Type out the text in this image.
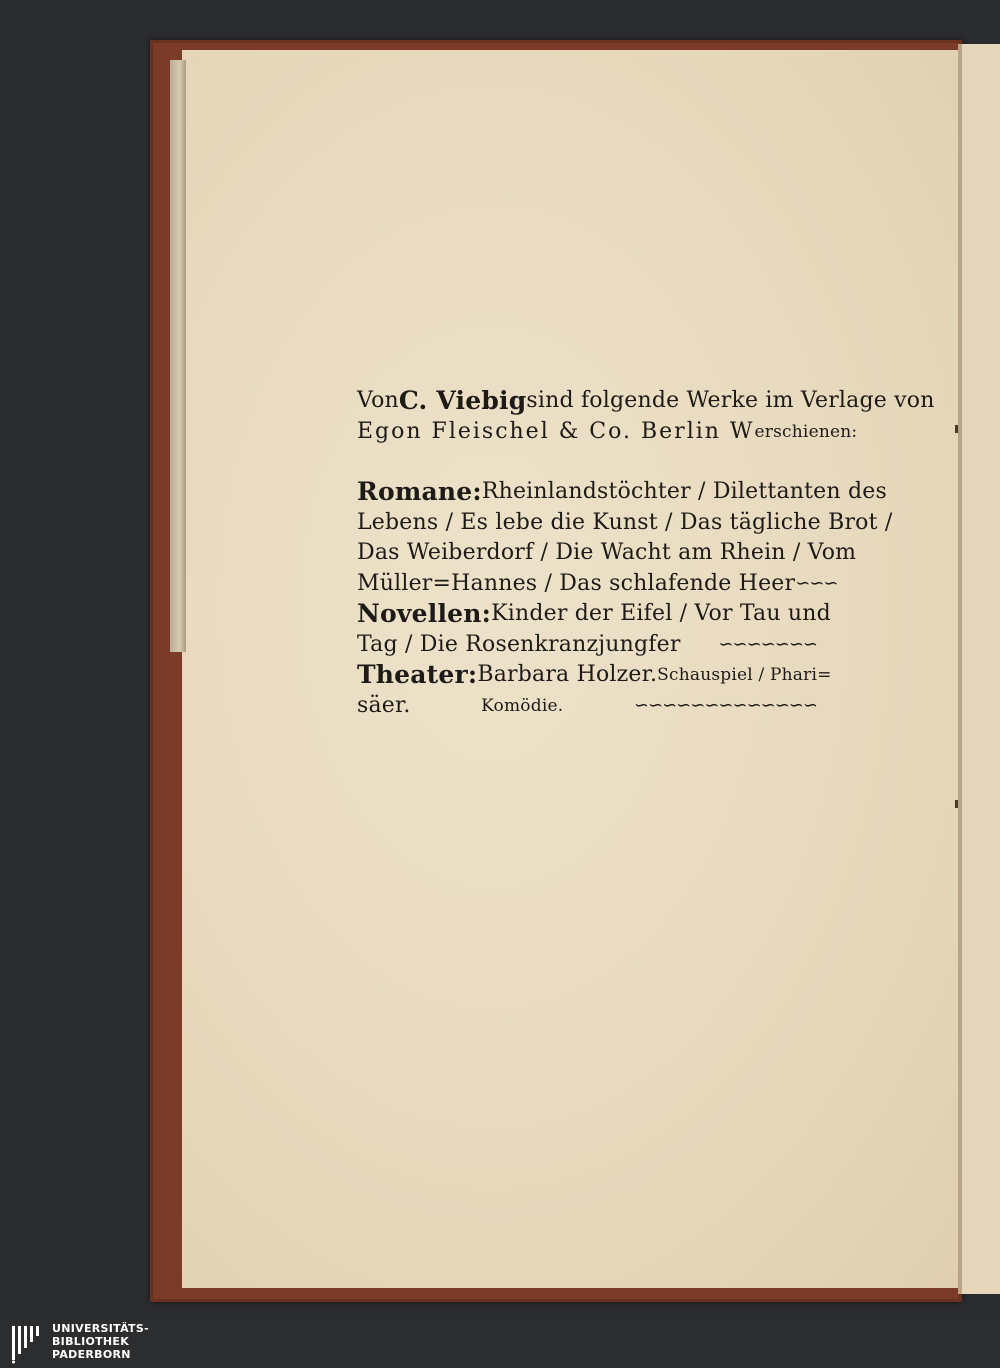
Von C. Viebig sind folgende Werke im Verlage von
Egon Fleischel & Co. Berlin W erschienen:
Romane: Rheinlandstöchter / Dilettanten des
Lebens / Es lebe die Kunst / Das tägliche Brot /
Das Weiberdorf / Die Wacht am Rhein / Vom
Müller=Hannes / Das schlafende Heer ∽∽∽
Novellen: Kinder der Eifel / Vor Tau und
Tag / Die Rosenkranzjungfer ∽∽∽∽∽∽∽
Theater: Barbara Holzer. Schauspiel / Phari=
säer.	Komödie.	∽∽∽∽∽∽∽∽∽∽∽∽∽
UNIVERSITÄTS-
BIBLIOTHEK
PADERBORN
